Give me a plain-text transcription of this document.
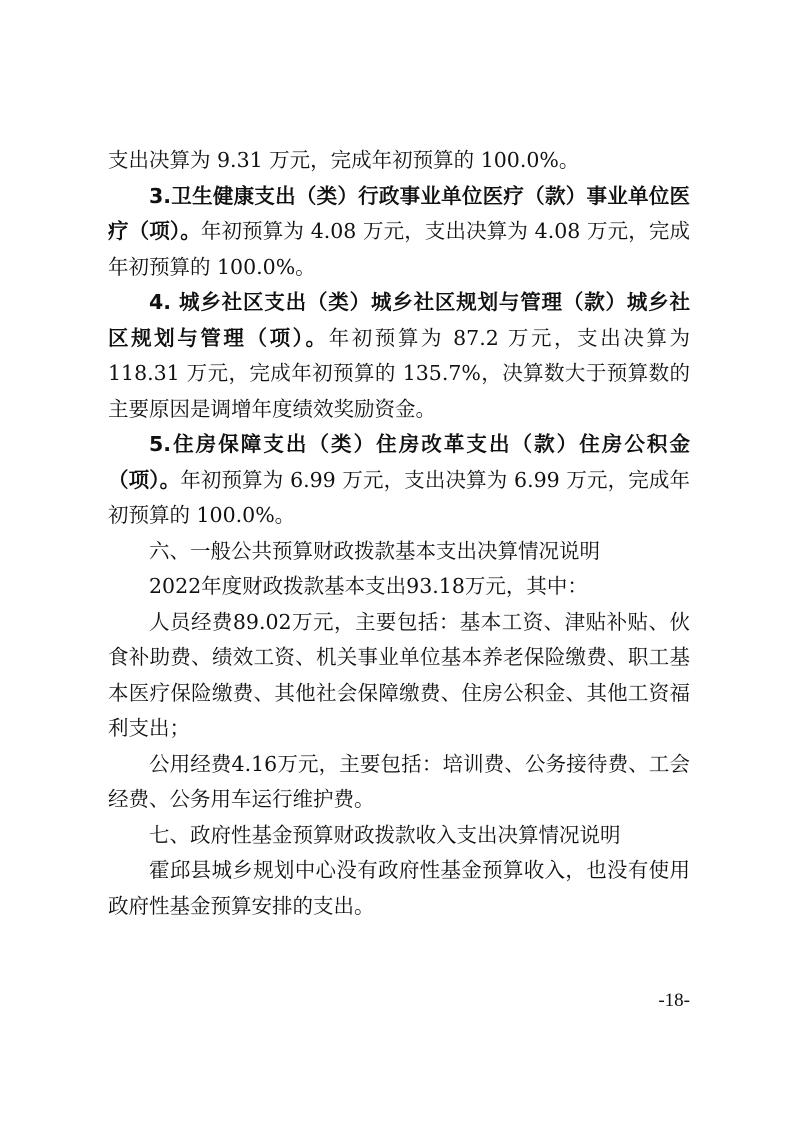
支出决算为 9.31 万元，完成年初预算的 100.0%。

3.卫生健康支出（类）行政事业单位医疗（款）事业单位医疗（项）。年初预算为 4.08 万元，支出决算为 4.08 万元，完成年初预算的 100.0%。

4. 城乡社区支出（类）城乡社区规划与管理（款）城乡社区规划与管理（项）。年初预算为 87.2 万元，支出决算为 118.31 万元，完成年初预算的 135.7%，决算数大于预算数的主要原因是调增年度绩效奖励资金。

5.住房保障支出（类）住房改革支出（款）住房公积金（项）。年初预算为 6.99 万元，支出决算为 6.99 万元，完成年初预算的 100.0%。

六、一般公共预算财政拨款基本支出决算情况说明

2022年度财政拨款基本支出93.18万元，其中：

人员经费89.02万元，主要包括：基本工资、津贴补贴、伙食补助费、绩效工资、机关事业单位基本养老保险缴费、职工基本医疗保险缴费、其他社会保障缴费、住房公积金、其他工资福利支出；

公用经费4.16万元，主要包括：培训费、公务接待费、工会经费、公务用车运行维护费。

七、政府性基金预算财政拨款收入支出决算情况说明

霍邱县城乡规划中心没有政府性基金预算收入，也没有使用政府性基金预算安排的支出。

-18-
